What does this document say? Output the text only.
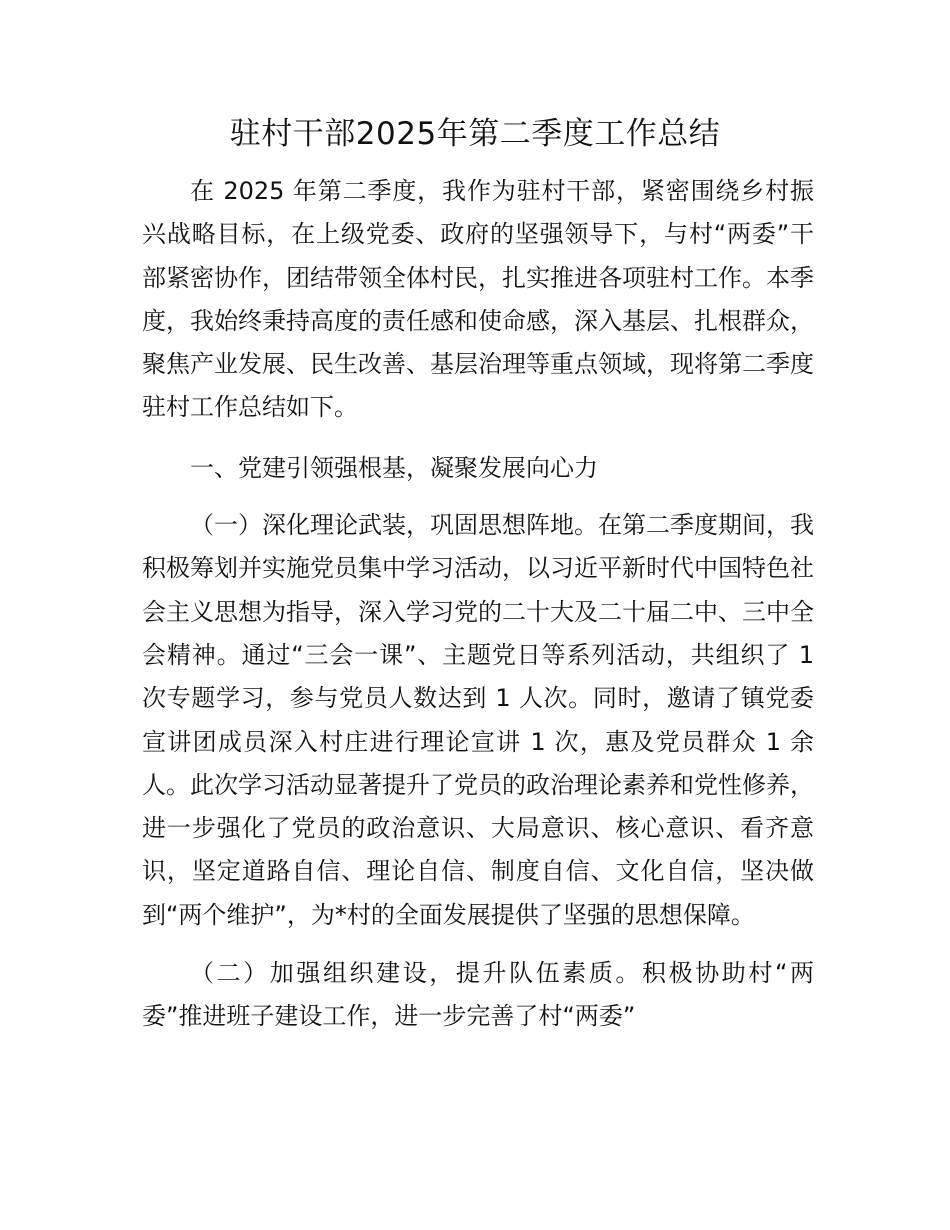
驻村干部2025年第二季度工作总结

在 2025 年第二季度，我作为驻村干部，紧密围绕乡村振兴战略目标，在上级党委、政府的坚强领导下，与村“两委”干部紧密协作，团结带领全体村民，扎实推进各项驻村工作。本季度，我始终秉持高度的责任感和使命感，深入基层、扎根群众，聚焦产业发展、民生改善、基层治理等重点领域，现将第二季度驻村工作总结如下。

一、党建引领强根基，凝聚发展向心力

（一）深化理论武装，巩固思想阵地。在第二季度期间，我积极筹划并实施党员集中学习活动，以习近平新时代中国特色社会主义思想为指导，深入学习党的二十大及二十届二中、三中全会精神。通过“三会一课”、主题党日等系列活动，共组织了 1 次专题学习，参与党员人数达到 1 人次。同时，邀请了镇党委宣讲团成员深入村庄进行理论宣讲 1 次，惠及党员群众 1 余人。此次学习活动显著提升了党员的政治理论素养和党性修养，进一步强化了党员的政治意识、大局意识、核心意识、看齐意识，坚定道路自信、理论自信、制度自信、文化自信，坚决做到“两个维护”，为*村的全面发展提供了坚强的思想保障。

（二）加强组织建设，提升队伍素质。积极协助村“两委”推进班子建设工作，进一步完善了村“两委”
